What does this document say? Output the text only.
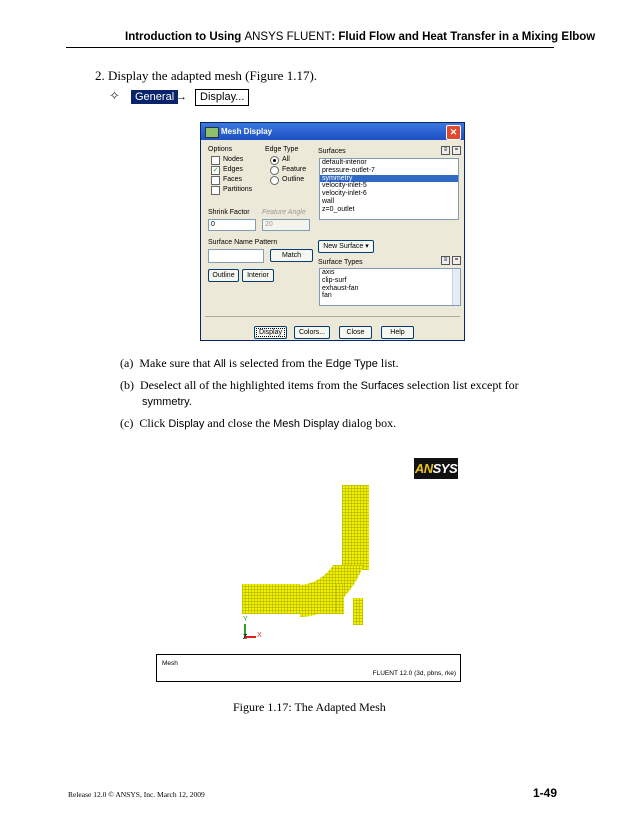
Introduction to Using ANSYS FLUENT: Fluid Flow and Heat Transfer in a Mixing Elbow
2. Display the adapted mesh (Figure 1.17).
✧	General →	Display...
Mesh Display	✕
Options
Nodes
✓ Edges
Faces
Partitions
Edge Type
All
Feature
Outline
Surfaces	≡	=
default-interior
pressure-outlet-7
symmetry
velocity-inlet-5
velocity-inlet-6
wall
z=0_outlet
Shrink Factor
0
Feature Angle
20
Surface Name Pattern
Match
New Surface ▾
Surface Types	≡	=
axis
clip-surf
exhaust-fan
fan
Outline	Interior
Display	Colors...	Close	Help
(a) Make sure that All is selected from the Edge Type list.
(b) Deselect all of the highlighted items from the Surfaces selection list except for
symmetry.
(c) Click Display and close the Mesh Display dialog box.
ANSYS
Y
Z X
Mesh
FLUENT 12.0 (3d, pbns, rke)
Figure 1.17: The Adapted Mesh
Release 12.0 © ANSYS, Inc. March 12, 2009	1-49
